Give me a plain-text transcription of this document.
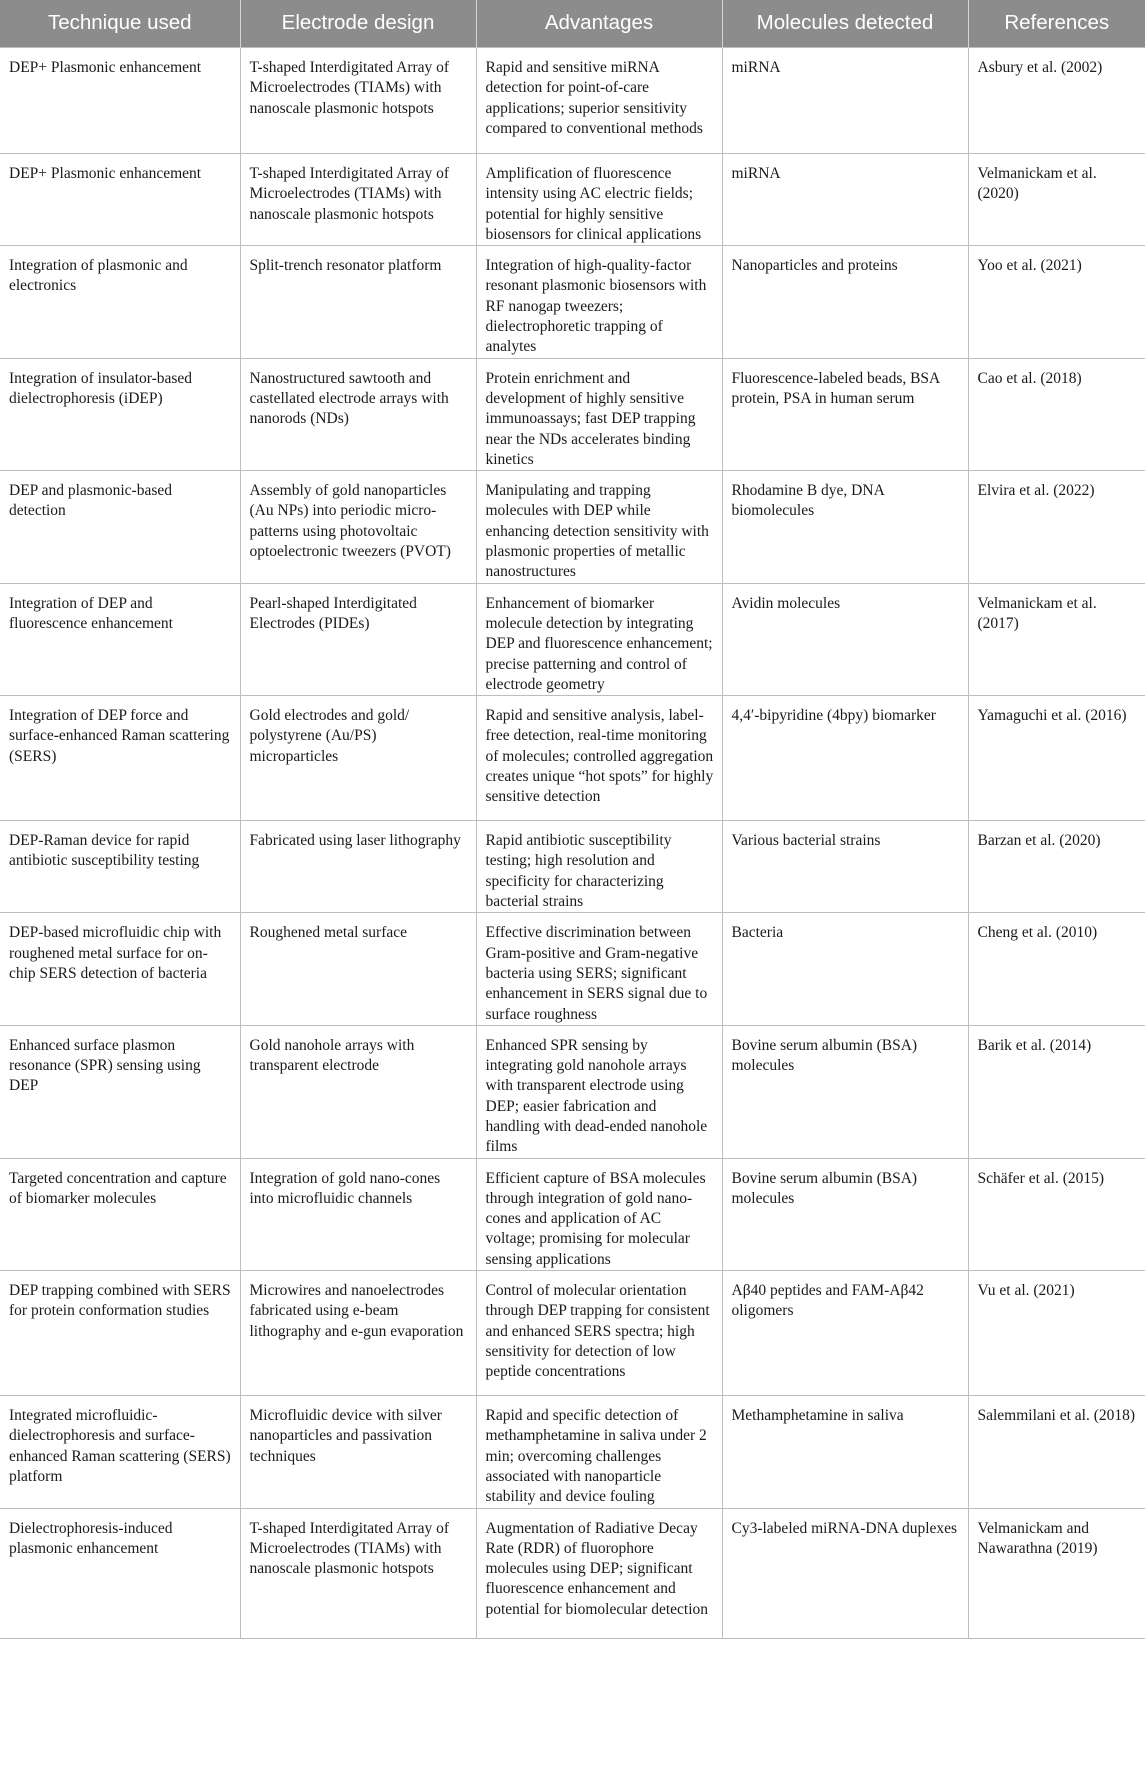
Technique used	Electrode design	Advantages	Molecules detected	References
DEP+ Plasmonic enhancement	T-shaped Interdigitated Array of Microelectrodes (TIAMs) with nanoscale plasmonic hotspots	Rapid and sensitive miRNA detection for point-of-care applications; superior sensitivity compared to conventional methods	miRNA	Asbury et al. (2002)
DEP+ Plasmonic enhancement	T-shaped Interdigitated Array of Microelectrodes (TIAMs) with nanoscale plasmonic hotspots	Amplification of fluorescence intensity using AC electric fields; potential for highly sensitive biosensors for clinical applications	miRNA	Velmanickam et al. (2020)
Integration of plasmonic and electronics	Split-trench resonator platform	Integration of high-quality-factor resonant plasmonic biosensors with RF nanogap tweezers; dielectrophoretic trapping of analytes	Nanoparticles and proteins	Yoo et al. (2021)
Integration of insulator-based dielectrophoresis (iDEP)	Nanostructured sawtooth and castellated electrode arrays with nanorods (NDs)	Protein enrichment and development of highly sensitive immunoassays; fast DEP trapping near the NDs accelerates binding kinetics	Fluorescence-labeled beads, BSA protein, PSA in human serum	Cao et al. (2018)
DEP and plasmonic-based detection	Assembly of gold nanoparticles (Au NPs) into periodic micro-patterns using photovoltaic optoelectronic tweezers (PVOT)	Manipulating and trapping molecules with DEP while enhancing detection sensitivity with plasmonic properties of metallic nanostructures	Rhodamine B dye, DNA biomolecules	Elvira et al. (2022)
Integration of DEP and fluorescence enhancement	Pearl-shaped Interdigitated Electrodes (PIDEs)	Enhancement of biomarker molecule detection by integrating DEP and fluorescence enhancement; precise patterning and control of electrode geometry	Avidin molecules	Velmanickam et al. (2017)
Integration of DEP force and surface-enhanced Raman scattering (SERS)	Gold electrodes and gold/ polystyrene (Au/PS) microparticles	Rapid and sensitive analysis, label-free detection, real-time monitoring of molecules; controlled aggregation creates unique “hot spots” for highly sensitive detection	4,4′-bipyridine (4bpy) biomarker	Yamaguchi et al. (2016)
DEP-Raman device for rapid antibiotic susceptibility testing	Fabricated using laser lithography	Rapid antibiotic susceptibility testing; high resolution and specificity for characterizing bacterial strains	Various bacterial strains	Barzan et al. (2020)
DEP-based microfluidic chip with roughened metal surface for on-chip SERS detection of bacteria	Roughened metal surface	Effective discrimination between Gram-positive and Gram-negative bacteria using SERS; significant enhancement in SERS signal due to surface roughness	Bacteria	Cheng et al. (2010)
Enhanced surface plasmon resonance (SPR) sensing using DEP	Gold nanohole arrays with transparent electrode	Enhanced SPR sensing by integrating gold nanohole arrays with transparent electrode using DEP; easier fabrication and handling with dead-ended nanohole films	Bovine serum albumin (BSA) molecules	Barik et al. (2014)
Targeted concentration and capture of biomarker molecules	Integration of gold nano-cones into microfluidic channels	Efficient capture of BSA molecules through integration of gold nano-cones and application of AC voltage; promising for molecular sensing applications	Bovine serum albumin (BSA) molecules	Schäfer et al. (2015)
DEP trapping combined with SERS for protein conformation studies	Microwires and nanoelectrodes fabricated using e-beam lithography and e-gun evaporation	Control of molecular orientation through DEP trapping for consistent and enhanced SERS spectra; high sensitivity for detection of low peptide concentrations	Aβ40 peptides and FAM-Aβ42 oligomers	Vu et al. (2021)
Integrated microfluidic-dielectrophoresis and surface-enhanced Raman scattering (SERS) platform	Microfluidic device with silver nanoparticles and passivation techniques	Rapid and specific detection of methamphetamine in saliva under 2 min; overcoming challenges associated with nanoparticle stability and device fouling	Methamphetamine in saliva	Salemmilani et al. (2018)
Dielectrophoresis-induced plasmonic enhancement	T-shaped Interdigitated Array of Microelectrodes (TIAMs) with nanoscale plasmonic hotspots	Augmentation of Radiative Decay Rate (RDR) of fluorophore molecules using DEP; significant fluorescence enhancement and potential for biomolecular detection	Cy3-labeled miRNA-DNA duplexes	Velmanickam and Nawarathna (2019)
